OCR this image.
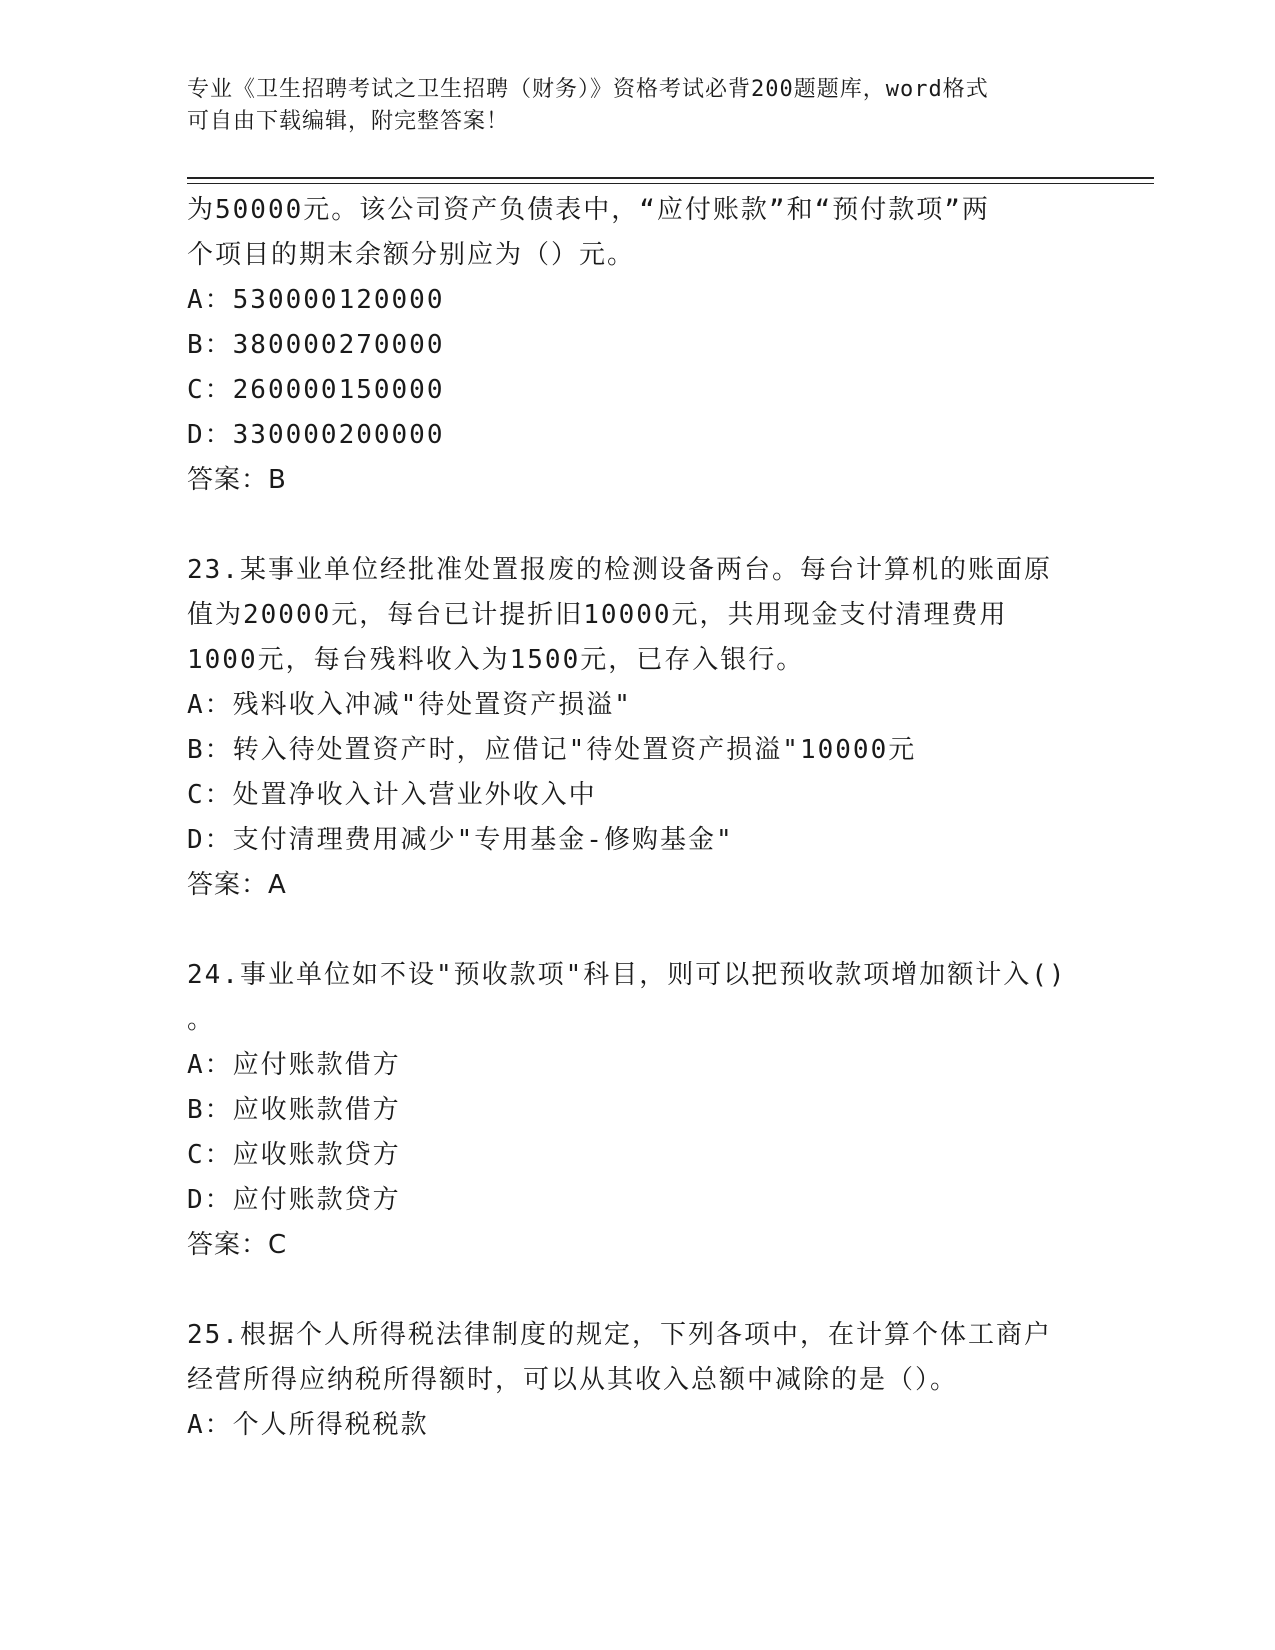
专业《卫生招聘考试之卫生招聘（财务）》资格考试必背200题题库，word格式
可自由下载编辑，附完整答案！
为50000元。该公司资产负债表中，“应付账款”和“预付款项”两
个项目的期末余额分别应为（）元。
A：530000120000
B：380000270000
C：260000150000
D：330000200000
答案：B
23.某事业单位经批准处置报废的检测设备两台。每台计算机的账面原
值为20000元，每台已计提折旧10000元，共用现金支付清理费用
1000元，每台残料收入为1500元，已存入银行。
A：残料收入冲减"待处置资产损溢"
B：转入待处置资产时，应借记"待处置资产损溢"10000元
C：处置净收入计入营业外收入中
D：支付清理费用减少"专用基金-修购基金"
答案：A
24.事业单位如不设"预收款项"科目，则可以把预收款项增加额计入()
。
A：应付账款借方
B：应收账款借方
C：应收账款贷方
D：应付账款贷方
答案：C
25.根据个人所得税法律制度的规定，下列各项中，在计算个体工商户
经营所得应纳税所得额时，可以从其收入总额中减除的是（）。
A：个人所得税税款
